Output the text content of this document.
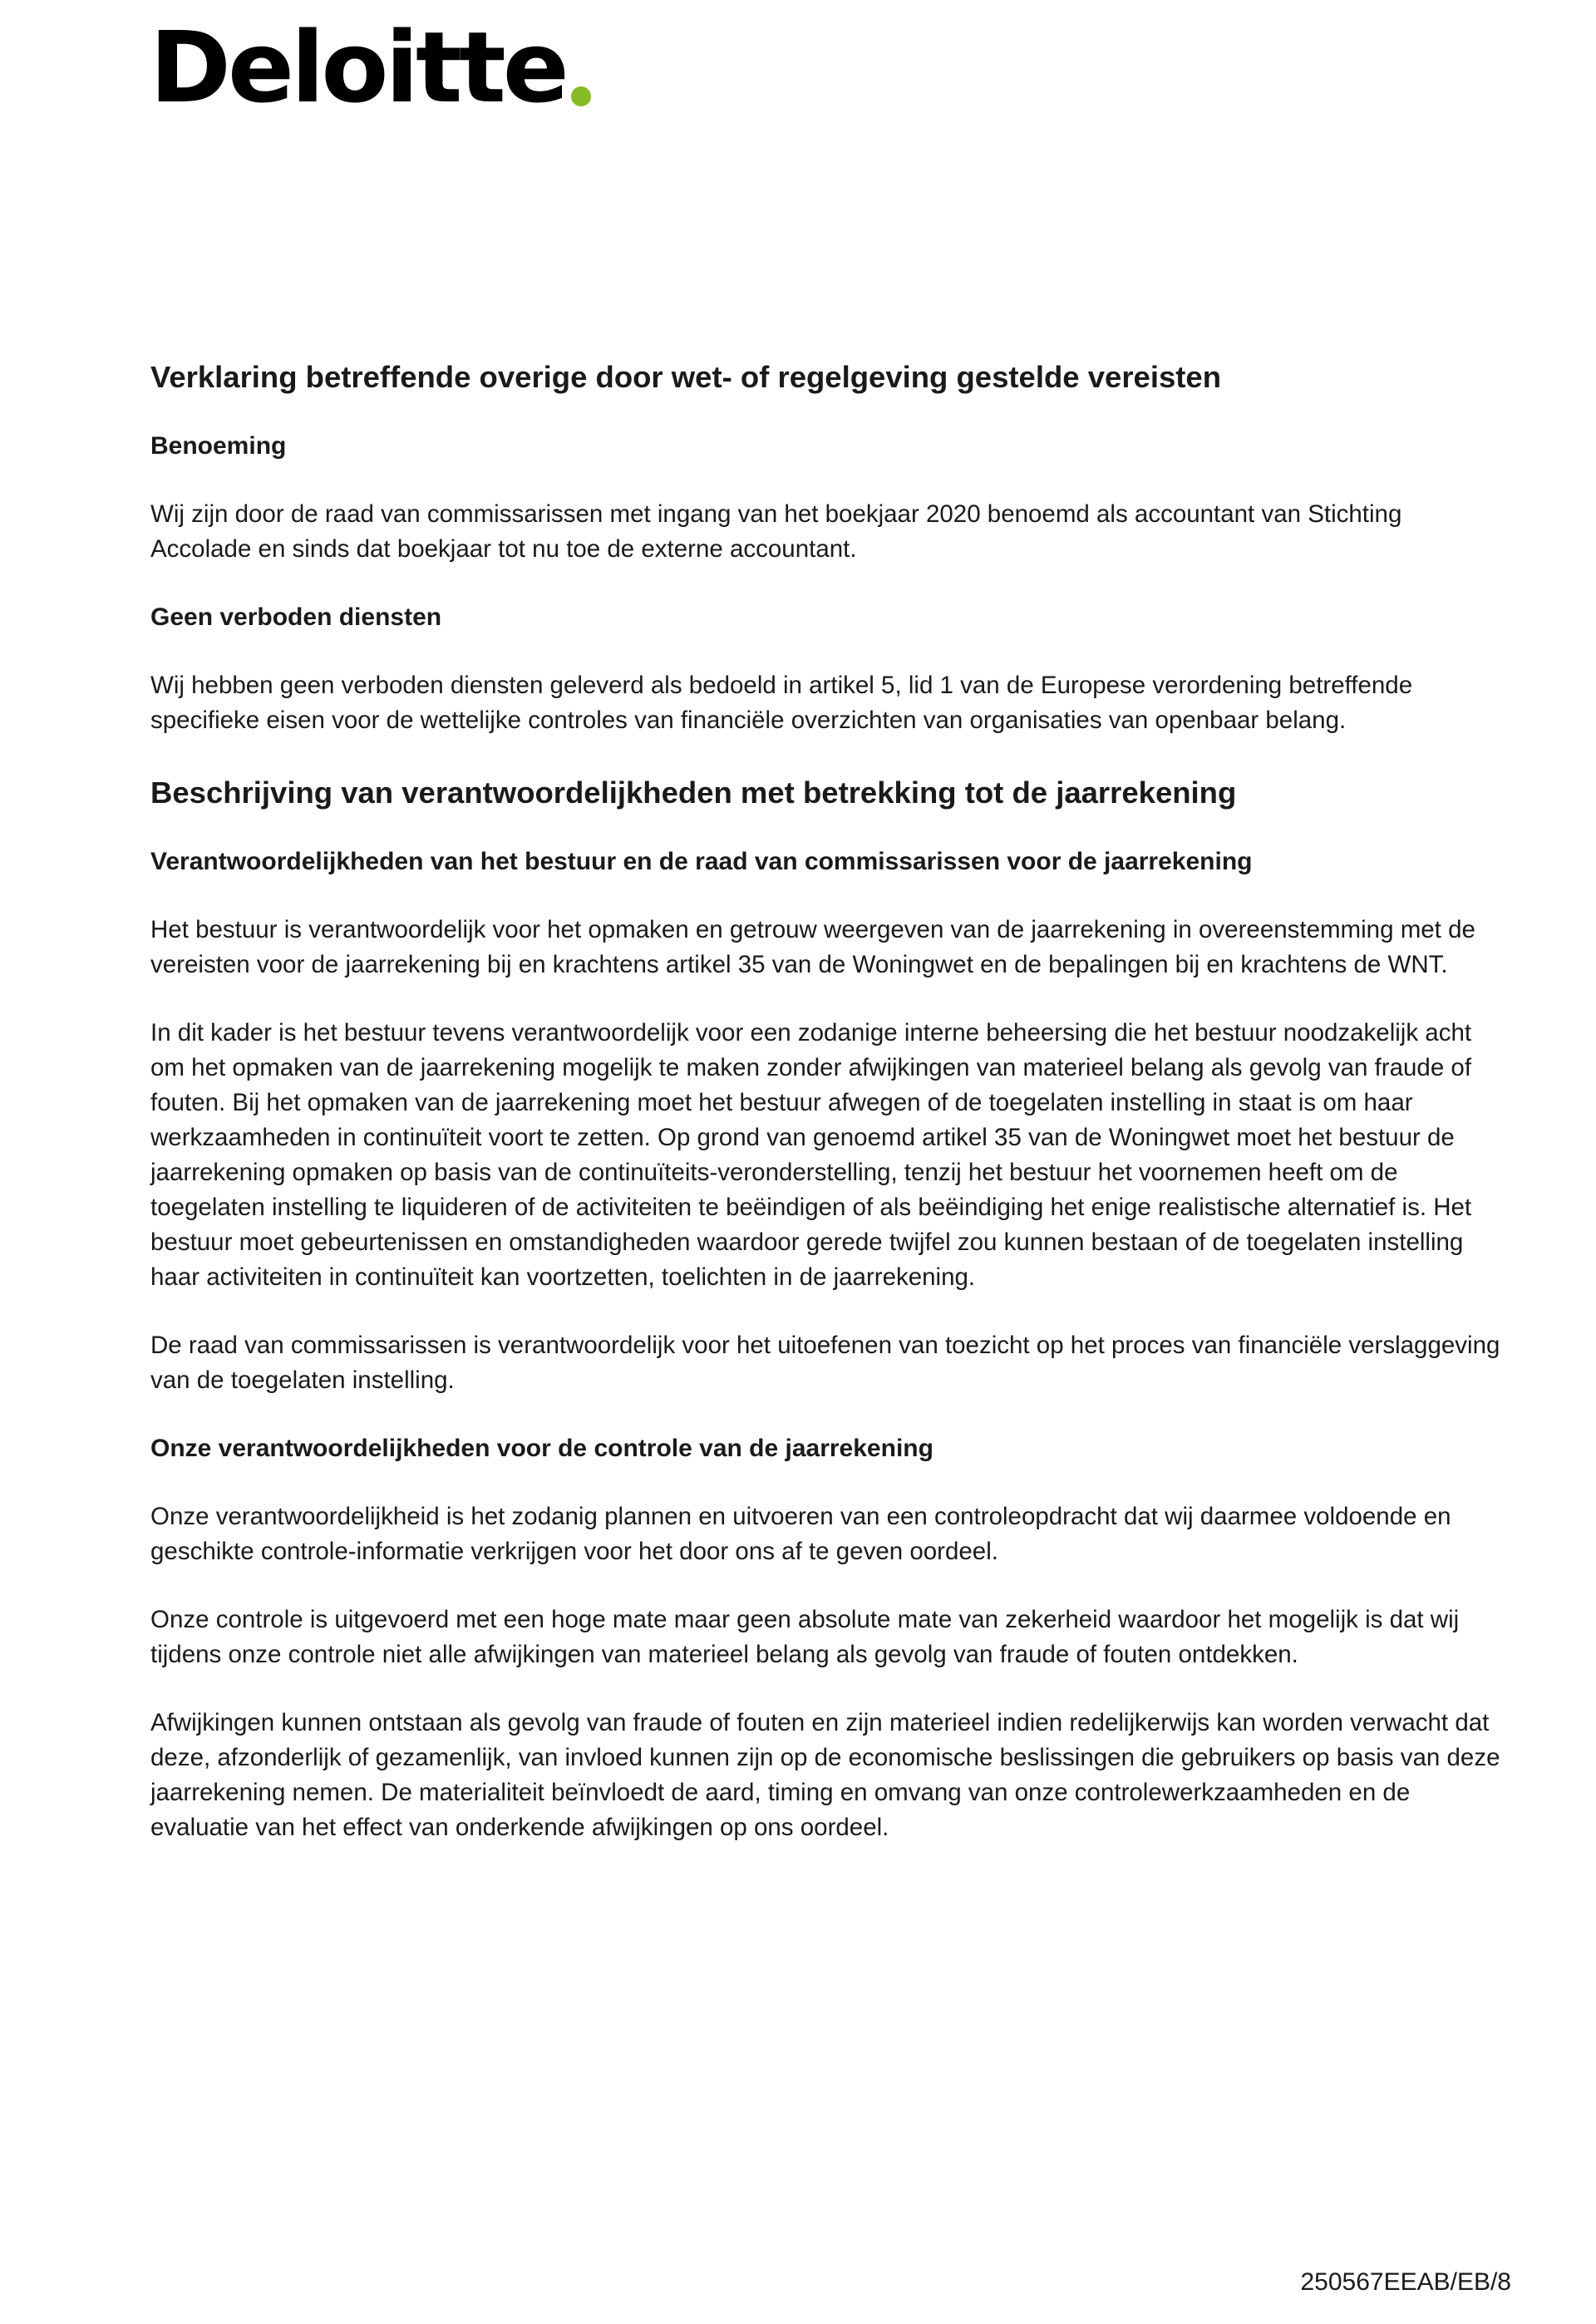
Deloitte
Verklaring betreffende overige door wet- of regelgeving gestelde vereisten
Benoeming

Wij zijn door de raad van commissarissen met ingang van het boekjaar 2020 benoemd als accountant van Stichting Accolade en sinds dat boekjaar tot nu toe de externe accountant.

Geen verboden diensten

Wij hebben geen verboden diensten geleverd als bedoeld in artikel 5, lid 1 van de Europese verordening betreffende specifieke eisen voor de wettelijke controles van financiële overzichten van organisaties van openbaar belang.

Beschrijving van verantwoordelijkheden met betrekking tot de jaarrekening
Verantwoordelijkheden van het bestuur en de raad van commissarissen voor de jaarrekening

Het bestuur is verantwoordelijk voor het opmaken en getrouw weergeven van de jaarrekening in overeenstemming met de vereisten voor de jaarrekening bij en krachtens artikel 35 van de Woningwet en de bepalingen bij en krachtens de WNT.

In dit kader is het bestuur tevens verantwoordelijk voor een zodanige interne beheersing die het bestuur noodzakelijk acht om het opmaken van de jaarrekening mogelijk te maken zonder afwijkingen van materieel belang als gevolg van fraude of fouten. Bij het opmaken van de jaarrekening moet het bestuur afwegen of de toegelaten instelling in staat is om haar werkzaamheden in continuïteit voort te zetten. Op grond van genoemd artikel 35 van de Woningwet moet het bestuur de jaarrekening opmaken op basis van de continuïteits-veronderstelling, tenzij het bestuur het voornemen heeft om de toegelaten instelling te liquideren of de activiteiten te beëindigen of als beëindiging het enige realistische alternatief is. Het bestuur moet gebeurtenissen en omstandigheden waardoor gerede twijfel zou kunnen bestaan of de toegelaten instelling haar activiteiten in continuïteit kan voortzetten, toelichten in de jaarrekening.

De raad van commissarissen is verantwoordelijk voor het uitoefenen van toezicht op het proces van financiële verslaggeving van de toegelaten instelling.

Onze verantwoordelijkheden voor de controle van de jaarrekening

Onze verantwoordelijkheid is het zodanig plannen en uitvoeren van een controleopdracht dat wij daarmee voldoende en geschikte controle-informatie verkrijgen voor het door ons af te geven oordeel.

Onze controle is uitgevoerd met een hoge mate maar geen absolute mate van zekerheid waardoor het mogelijk is dat wij tijdens onze controle niet alle afwijkingen van materieel belang als gevolg van fraude of fouten ontdekken.

Afwijkingen kunnen ontstaan als gevolg van fraude of fouten en zijn materieel indien redelijkerwijs kan worden verwacht dat deze, afzonderlijk of gezamenlijk, van invloed kunnen zijn op de economische beslissingen die gebruikers op basis van deze jaarrekening nemen. De materialiteit beïnvloedt de aard, timing en omvang van onze controlewerkzaamheden en de evaluatie van het effect van onderkende afwijkingen op ons oordeel.

250567EEAB/EB/8
